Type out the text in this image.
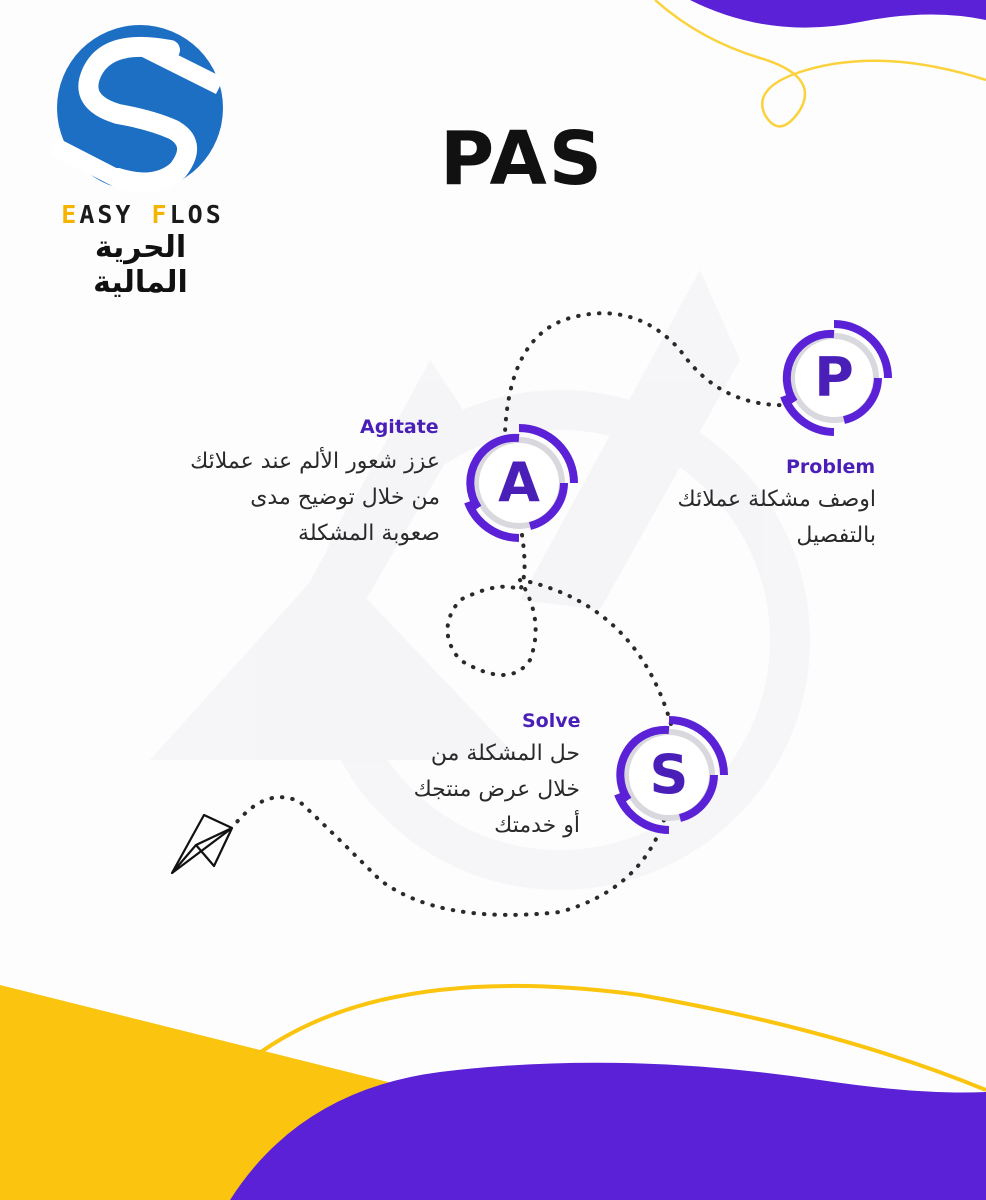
EASY FLOS
الحرية المالية
PAS
P
Problem
اوصف مشكلة عملائك
بالتفصيل
A
Agitate
عزز شعور الألم عند عملائك
من خلال توضيح مدى
صعوبة المشكلة
S
Solve
حل المشكلة من
خلال عرض منتجك
أو خدمتك
